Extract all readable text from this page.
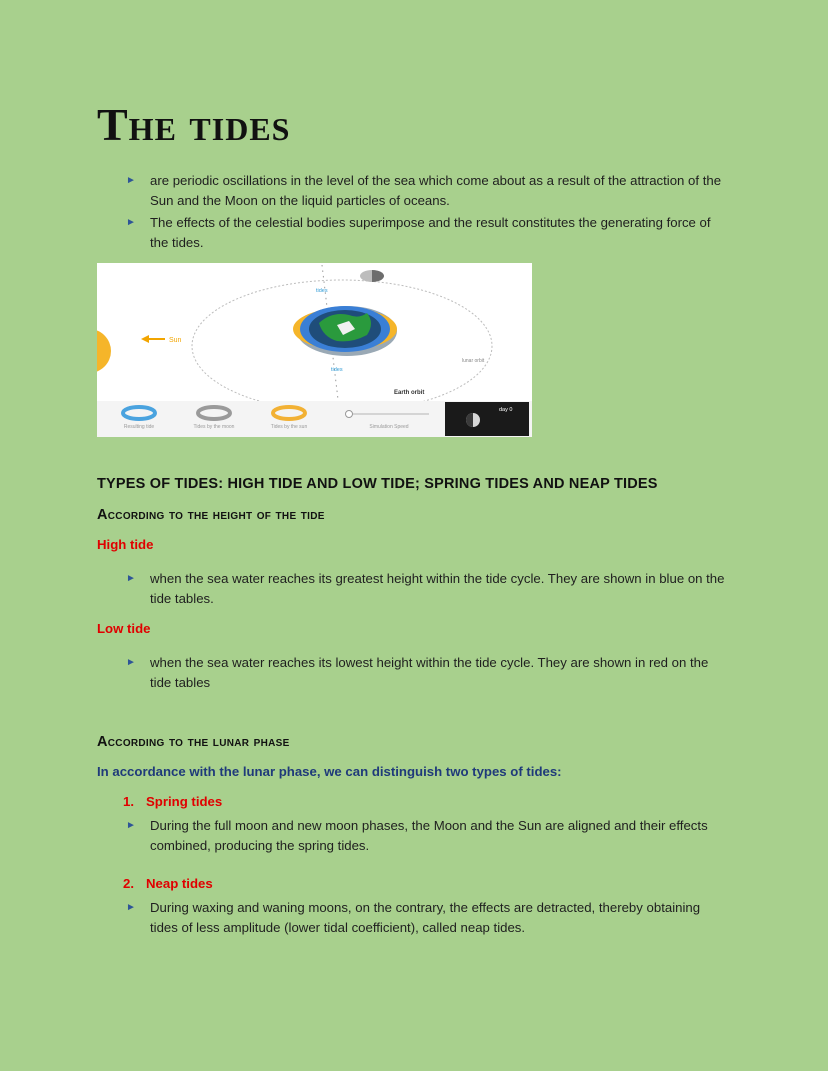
The tides
► are periodic oscillations in the level of the sea which come about as a result of the attraction of the Sun and the Moon on the liquid particles of oceans.
► The effects of the celestial bodies superimpose and the result constitutes the generating force of the tides.
Sun
tides
tides
lunar orbit
Earth orbit
Resulting tide	Tides by the moon	Tides by the sun	Simulation Speed
day 0
TYPES OF TIDES: HIGH TIDE AND LOW TIDE; SPRING TIDES AND NEAP TIDES
According to the height of the tide
High tide
► when the sea water reaches its greatest height within the tide cycle. They are shown in blue on the tide tables.
Low tide
► when the sea water reaches its lowest height within the tide cycle. They are shown in red on the tide tables
According to the lunar phase
In accordance with the lunar phase, we can distinguish two types of tides:
1. Spring tides
► During the full moon and new moon phases, the Moon and the Sun are aligned and their effects combined, producing the spring tides.
2. Neap tides
► During waxing and waning moons, on the contrary, the effects are detracted, thereby obtaining tides of less amplitude (lower tidal coefficient), called neap tides.
